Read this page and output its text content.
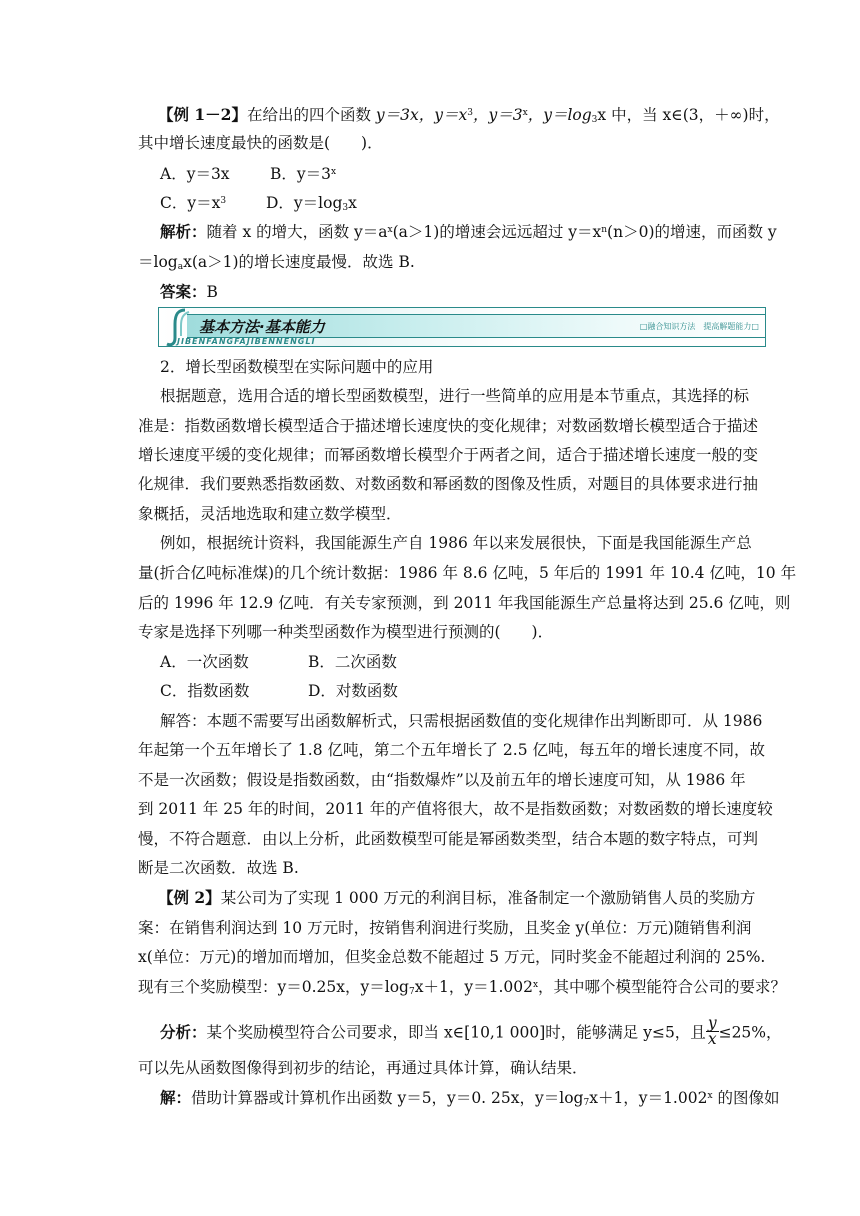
【例 1－2】在给出的四个函数 y＝3x，$y=x^3$，$y=3^x$，$y=\log_3x$ 中，当 x∈(3，＋∞)时，
其中增长速度最快的函数是(　　)．
A．y＝3x	B．$y=3^x$
C．$y=x^3$	D．$y=\log_3x$
解析：随着 x 的增大，函数 $y=a^x(a>1)$的增速会远远超过 $y=x^n(n>0)$的增速，而函数 y
$=\log_ax(a>1)$的增长速度最慢．故选 B.
答案：B
基本方法·基本能力
JIBENFANGFAJIBENNENGLI
□融合知识方法　提高解题能力□
2．增长型函数模型在实际问题中的应用
根据题意，选用合适的增长型函数模型，进行一些简单的应用是本节重点，其选择的标
准是：指数函数增长模型适合于描述增长速度快的变化规律；对数函数增长模型适合于描述
增长速度平缓的变化规律；而幂函数增长模型介于两者之间，适合于描述增长速度一般的变
化规律．我们要熟悉指数函数、对数函数和幂函数的图像及性质，对题目的具体要求进行抽
象概括，灵活地选取和建立数学模型．
例如，根据统计资料，我国能源生产自 1986 年以来发展很快，下面是我国能源生产总
量(折合亿吨标准煤)的几个统计数据：1986 年 8.6 亿吨，5 年后的 1991 年 10.4 亿吨，10 年
后的 1996 年 12.9 亿吨．有关专家预测，到 2011 年我国能源生产总量将达到 25.6 亿吨，则
专家是选择下列哪一种类型函数作为模型进行预测的(　　)．
A．一次函数	B．二次函数
C．指数函数	D．对数函数
解答：本题不需要写出函数解析式，只需根据函数值的变化规律作出判断即可．从 1986
年起第一个五年增长了 1.8 亿吨，第二个五年增长了 2.5 亿吨，每五年的增长速度不同，故
不是一次函数；假设是指数函数，由“指数爆炸”以及前五年的增长速度可知，从 1986 年
到 2011 年 25 年的时间，2011 年的产值将很大，故不是指数函数；对数函数的增长速度较
慢，不符合题意．由以上分析，此函数模型可能是幂函数类型，结合本题的数字特点，可判
断是二次函数．故选 B.
【例 2】某公司为了实现 1 000 万元的利润目标，准备制定一个激励销售人员的奖励方
案：在销售利润达到 10 万元时，按销售利润进行奖励，且奖金 y(单位：万元)随销售利润
x(单位：万元)的增加而增加，但奖金总数不能超过 5 万元，同时奖金不能超过利润的 25%.
现有三个奖励模型：y＝0.25x，$y=\log_7x+1$，$y=1.002^x$，其中哪个模型能符合公司的要求？
分析：某个奖励模型符合公司要求，即当 x∈[10,1 000]时，能够满足 y≤5，且 $\frac{y}{x} \le 25\%$，
可以先从函数图像得到初步的结论，再通过具体计算，确认结果．
解：借助计算器或计算机作出函数 y＝5，y＝0. 25x，$y=\log_7x+1$，$y=1.002^x$ 的图像如
